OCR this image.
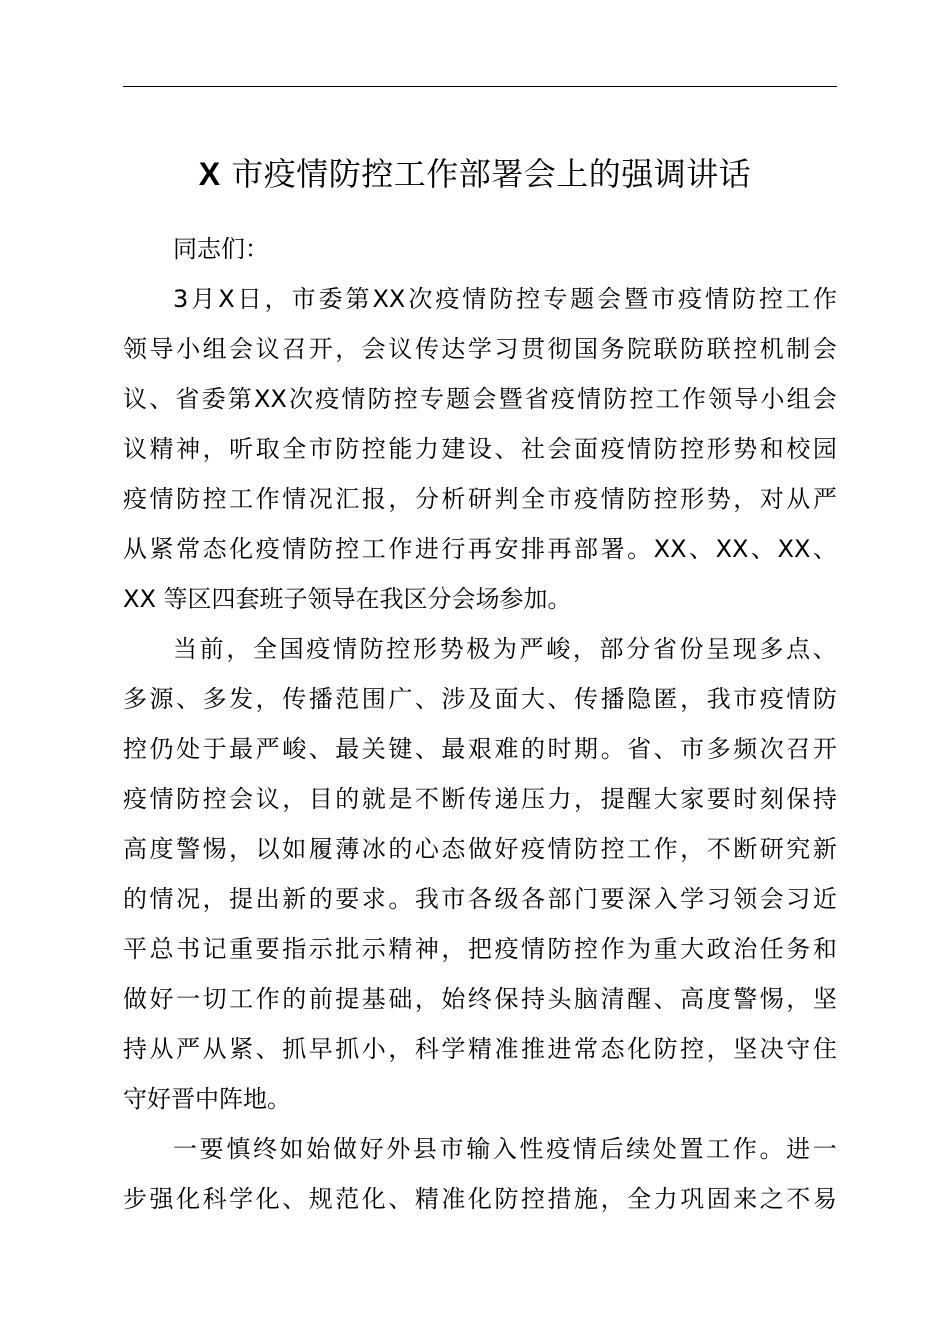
X 市疫情防控工作部署会上的强调讲话
同志们：
3 月 X 日 ， 市 委 第 XX 次 疫 情 防 控 专 题 会 暨 市 疫 情 防 控 工 作
领 导 小 组 会 议 召 开 ， 会 议 传 达 学 习 贯 彻 国 务 院 联 防 联 控 机 制 会
议 、 省 委 第 XX 次 疫 情 防 控 专 题 会 暨 省 疫 情 防 控 工 作 领 导 小 组 会
议 精 神 ， 听 取 全 市 防 控 能 力 建 设 、 社 会 面 疫 情 防 控 形 势 和 校 园
疫 情 防 控 工 作 情 况 汇 报 ， 分 析 研 判 全 市 疫 情 防 控 形 势 ， 对 从 严
从 紧 常 态 化 疫 情 防 控 工 作 进 行 再 安 排 再 部 署 。 XX 、 XX 、 XX 、
XX 等区四套班子领导在我区分会场参加。
当 前 ， 全 国 疫 情 防 控 形 势 极 为 严 峻 ， 部 分 省 份 呈 现 多 点 、
多 源 、 多 发 ， 传 播 范 围 广 、 涉 及 面 大 、 传 播 隐 匿 ， 我 市 疫 情 防
控 仍 处 于 最 严 峻 、 最 关 键 、 最 艰 难 的 时 期 。 省 、 市 多 频 次 召 开
疫 情 防 控 会 议 ， 目 的 就 是 不 断 传 递 压 力 ， 提 醒 大 家 要 时 刻 保 持
高 度 警 惕 ， 以 如 履 薄 冰 的 心 态 做 好 疫 情 防 控 工 作 ， 不 断 研 究 新
的 情 况 ， 提 出 新 的 要 求 。 我 市 各 级 各 部 门 要 深 入 学 习 领 会 习 近
平 总 书 记 重 要 指 示 批 示 精 神 ， 把 疫 情 防 控 作 为 重 大 政 治 任 务 和
做 好 一 切 工 作 的 前 提 基 础 ， 始 终 保 持 头 脑 清 醒 、 高 度 警 惕 ， 坚
持 从 严 从 紧 、 抓 早 抓 小 ， 科 学 精 准 推 进 常 态 化 防 控 ， 坚 决 守 住
守好晋中阵地。
一 要 慎 终 如 始 做 好 外 县 市 输 入 性 疫 情 后 续 处 置 工 作 。 进 一
步 强 化 科 学 化 、 规 范 化 、 精 准 化 防 控 措 施 ， 全 力 巩 固 来 之 不 易
